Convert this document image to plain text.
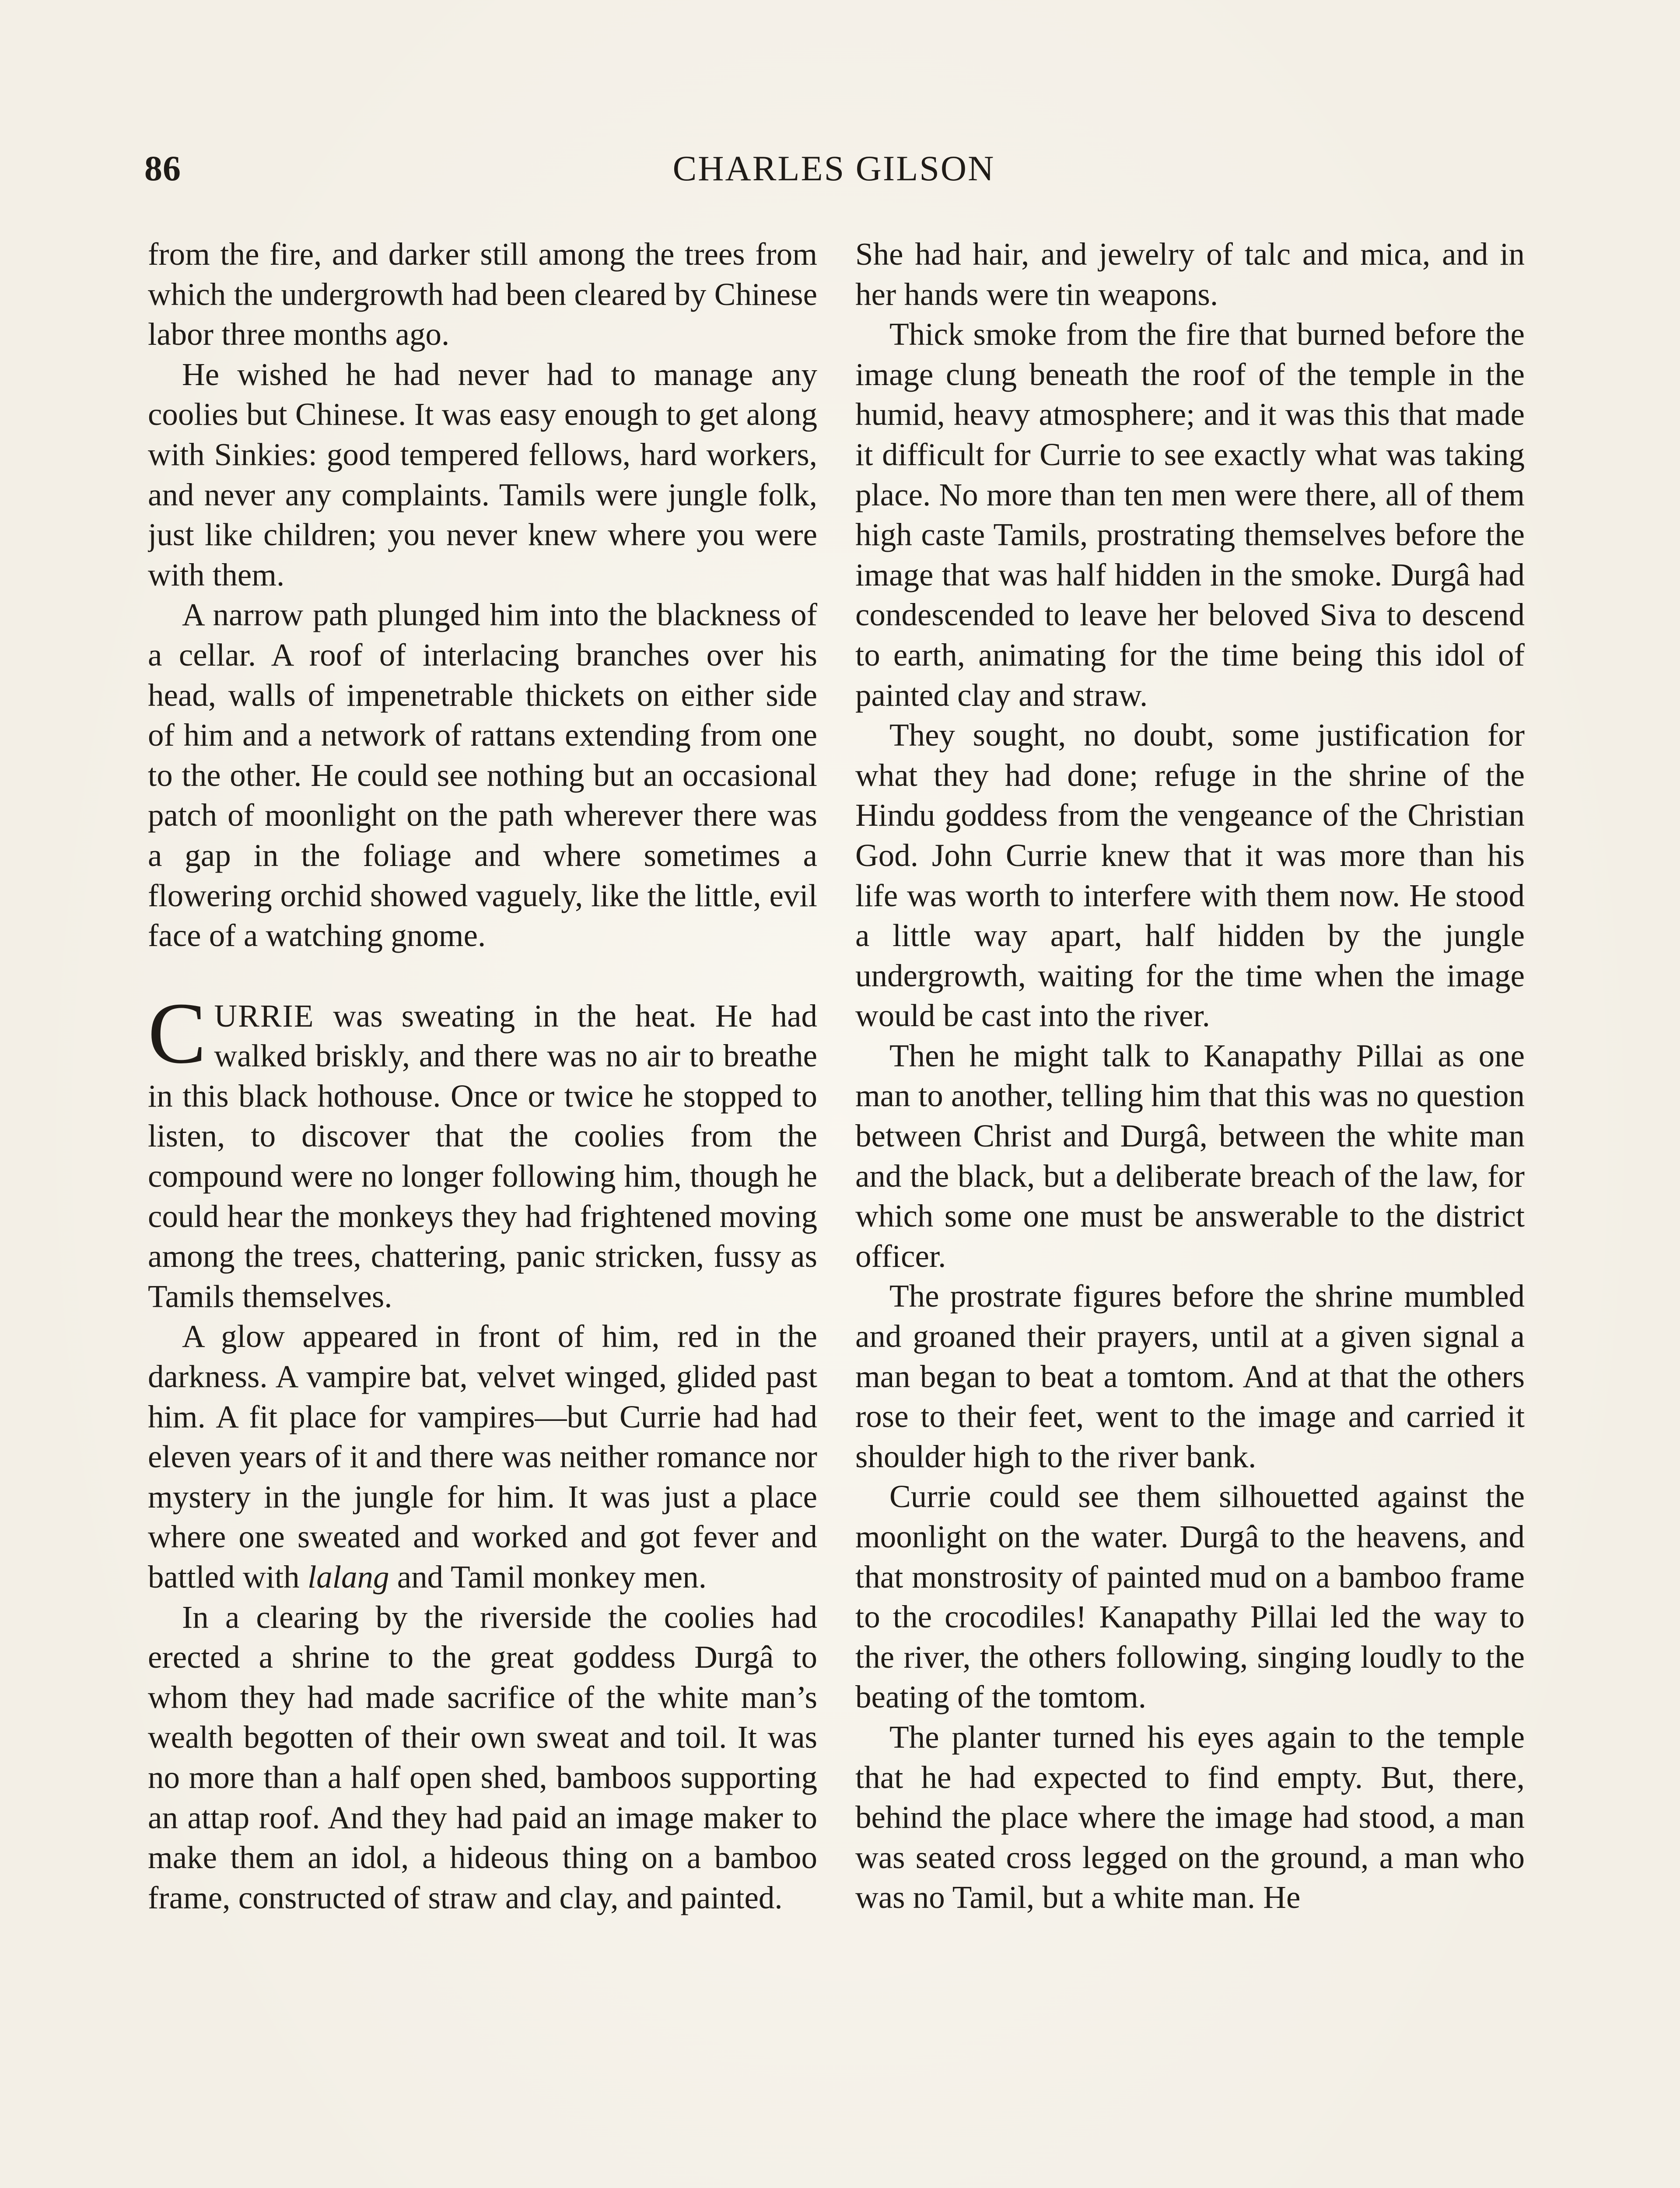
86	CHARLES GILSON

from the fire, and darker still among the trees from which the undergrowth had been cleared by Chinese labor three months ago.

He wished he had never had to manage any coolies but Chinese. It was easy enough to get along with Sinkies: good tempered fellows, hard workers, and never any complaints. Tamils were jungle folk, just like children; you never knew where you were with them.

A narrow path plunged him into the blackness of a cellar. A roof of interlacing branches over his head, walls of impenetrable thickets on either side of him and a network of rattans extending from one to the other. He could see nothing but an occasional patch of moonlight on the path wherever there was a gap in the foliage and where sometimes a flowering orchid showed vaguely, like the little, evil face of a watching gnome.

CURRIE was sweating in the heat. He had walked briskly, and there was no air to breathe in this black hothouse. Once or twice he stopped to listen, to discover that the coolies from the compound were no longer following him, though he could hear the monkeys they had frightened moving among the trees, chattering, panic stricken, fussy as Tamils themselves.

A glow appeared in front of him, red in the darkness. A vampire bat, velvet winged, glided past him. A fit place for vampires—but Currie had had eleven years of it and there was neither romance nor mystery in the jungle for him. It was just a place where one sweated and worked and got fever and battled with lalang and Tamil monkey men.

In a clearing by the riverside the coolies had erected a shrine to the great goddess Durgâ to whom they had made sacrifice of the white man’s wealth begotten of their own sweat and toil. It was no more than a half open shed, bamboos supporting an attap roof. And they had paid an image maker to make them an idol, a hideous thing on a bamboo frame, constructed of straw and clay, and painted.

She had hair, and jewelry of talc and mica, and in her hands were tin weapons.

Thick smoke from the fire that burned before the image clung beneath the roof of the temple in the humid, heavy atmosphere; and it was this that made it difficult for Currie to see exactly what was taking place. No more than ten men were there, all of them high caste Tamils, prostrating themselves before the image that was half hidden in the smoke. Durgâ had condescended to leave her beloved Siva to descend to earth, animating for the time being this idol of painted clay and straw.

They sought, no doubt, some justification for what they had done; refuge in the shrine of the Hindu goddess from the vengeance of the Christian God. John Currie knew that it was more than his life was worth to interfere with them now. He stood a little way apart, half hidden by the jungle undergrowth, waiting for the time when the image would be cast into the river.

Then he might talk to Kanapathy Pillai as one man to another, telling him that this was no question between Christ and Durgâ, between the white man and the black, but a deliberate breach of the law, for which some one must be answerable to the district officer.

The prostrate figures before the shrine mumbled and groaned their prayers, until at a given signal a man began to beat a tomtom. And at that the others rose to their feet, went to the image and carried it shoulder high to the river bank.

Currie could see them silhouetted against the moonlight on the water. Durgâ to the heavens, and that monstrosity of painted mud on a bamboo frame to the crocodiles! Kanapathy Pillai led the way to the river, the others following, singing loudly to the beating of the tomtom.

The planter turned his eyes again to the temple that he had expected to find empty. But, there, behind the place where the image had stood, a man was seated cross legged on the ground, a man who was no Tamil, but a white man. He
